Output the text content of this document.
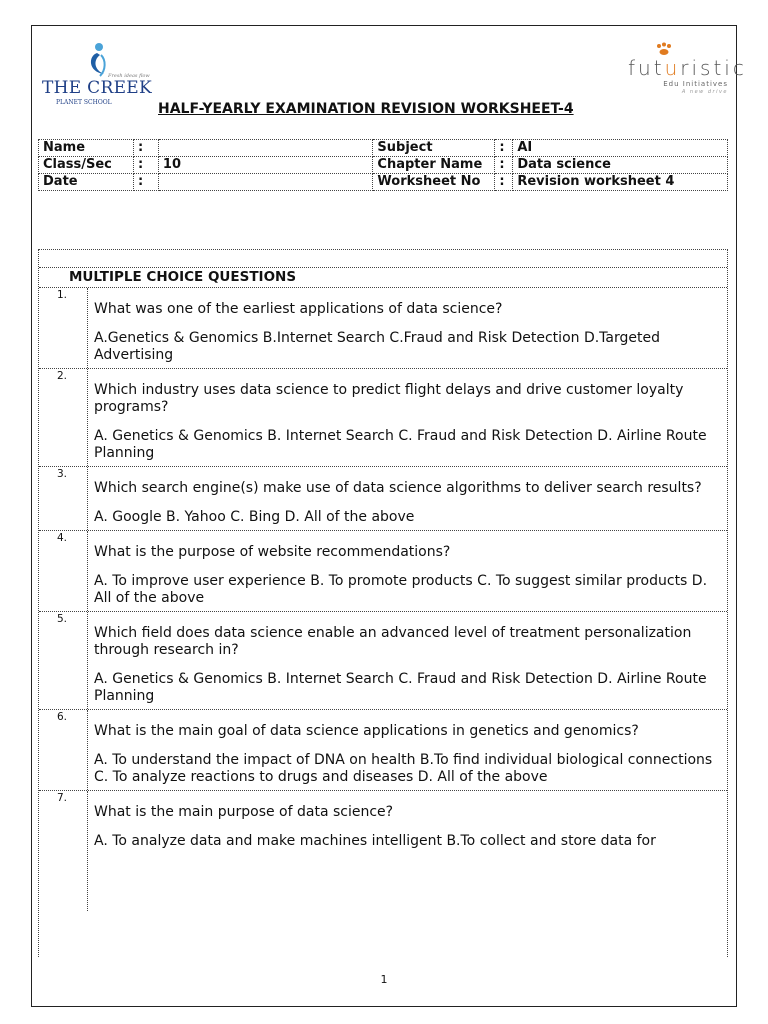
Fresh ideas flow
THE CREEK
PLANET SCHOOL
futuristic
Edu Initiatives
A new drive
HALF-YEARLY EXAMINATION REVISION WORKSHEET-4
Name	:		Subject	:	AI
Class/Sec	:	10	Chapter Name	:	Data science
Date	:		Worksheet No	:	Revision worksheet 4
MULTIPLE CHOICE QUESTIONS
1.
What was one of the earliest applications of data science?
A.Genetics & Genomics B.Internet Search C.Fraud and Risk Detection D.Targeted Advertising
2.
Which industry uses data science to predict flight delays and drive customer loyalty programs?
A. Genetics & Genomics B. Internet Search C. Fraud and Risk Detection D. Airline Route Planning
3.
Which search engine(s) make use of data science algorithms to deliver search results?
A. Google B. Yahoo C. Bing D. All of the above
4.
What is the purpose of website recommendations?
A. To improve user experience B. To promote products C. To suggest similar products D. All of the above
5.
Which field does data science enable an advanced level of treatment personalization through research in?
A. Genetics & Genomics B. Internet Search C. Fraud and Risk Detection D. Airline Route Planning
6.
What is the main goal of data science applications in genetics and genomics?
A. To understand the impact of DNA on health B.To find individual biological connections C. To analyze reactions to drugs and diseases D. All of the above
7.
What is the main purpose of data science?
A. To analyze data and make machines intelligent B.To collect and store data for
1
